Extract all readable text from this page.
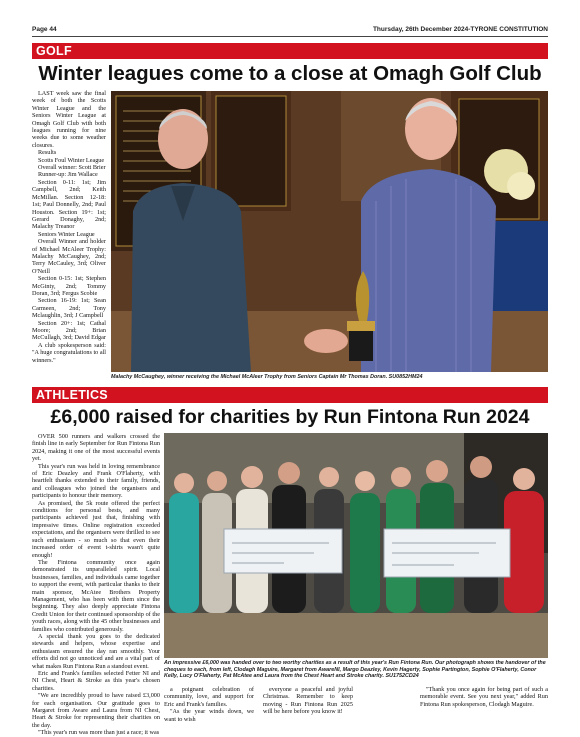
Page 44	Thursday, 26th December 2024-TYRONE CONSTITUTION
GOLF
Winter leagues come to a close at Omagh Golf Club

LAST week saw the final week of both the Scotts Winter League and the Seniors Winter League at Omagh Golf Club with both leagues running for nine weeks due to some weather closures.

Results

Scotts Foul Winter League

Overall winner: Scott Brier

Runner-up: Jim Wallace

Section 0-11: 1st; Jim Campbell, 2nd; Keith McMillan. Section 12-18: 1st; Paul Donnelly, 2nd; Paul Houston. Section 19+: 1st; Gerard Donaghy, 2nd; Malachy Treanor

Seniors Winter League

Overall Winner and holder of Michael McAleer Trophy: Malachy McCaughey, 2nd; Terry McCauley, 3rd; Oliver O'Neill

Section 0-15: 1st; Stephen McGinty, 2nd; Tommy Doran, 3rd; Fergus Scobie

Section 16-19: 1st; Sean Carmeen, 2nd; Tony Mclaughlin, 3rd; J Campbell

Section 20+: 1st; Cathal Moore; 2nd; Brian McCullagh, 3rd; David Edgar

A club spokesperson said: "A huge congratulations to all winners."

Malachy McCaughey, winner receiving the Michael McAleer Trophy from Seniors Captain Mr Thomas Doran. SU0852HM24
ATHLETICS
£6,000 raised for charities by Run Fintona Run 2024

OVER 500 runners and walkers crossed the finish line in early September for Run Fintona Run 2024, making it one of the most successful events yet.

This year's run was held in loving remembrance of Eric Deazley and Frank O'Flaherty, with heartfelt thanks extended to their family, friends, and colleagues who joined the organisers and participants to honour their memory.

As promised, the 5k route offered the perfect conditions for personal bests, and many participants achieved just that, finishing with impressive times. Online registration exceeded expectations, and the organisers were thrilled to see such enthusiasm - so much so that even their increased order of event t-shirts wasn't quite enough!

The Fintona community once again demonstrated its unparalleled spirit. Local businesses, families, and individuals came together to support the event, with particular thanks to their main sponsor, McAtee Brothers Property Management, who has been with them since the beginning. They also deeply appreciate Fintona Credit Union for their continued sponsorship of the youth races, along with the 45 other businesses and families who contributed generously.

A special thank you goes to the dedicated stewards and helpers, whose expertise and enthusiasm ensured the day ran smoothly. Your efforts did not go unnoticed and are a vital part of what makes Run Fintona Run a standout event.

Eric and Frank's families selected Fetter NI and NI Chest, Heart & Stroke as this year's chosen charities.

"We are incredibly proud to have raised £3,000 for each organisation. Our gratitude goes to Margaret from Aware and Laura from NI Chest, Heart & Stroke for representing their charities on the day.

"This year's run was more than just a race; it was

An impressive £6,000 was handed over to two worthy charities as a result of this year's Run Fintona Run. Our photograph shows the handover of the cheques to each, from left, Clodagh Maguire, Margaret from AwareNI, Margo Deazley, Kevin Hagerty, Sophie Partington, Sophie O'Flaherty, Conor Kelly, Lucy O'Flaherty, Pat McAtee and Laura from the Chest Heart and Stroke charity. SU1752CD24

a poignant celebration of community, love, and support for Eric and Frank's families.

"As the year winds down, we want to wish

everyone a peaceful and joyful Christmas. Remember to keep moving - Run Fintona Run 2025 will be here before you know it!

"Thank you once again for being part of such a memorable event. See you next year," added Run Fintona Run spokesperson, Clodagh Maguire.
